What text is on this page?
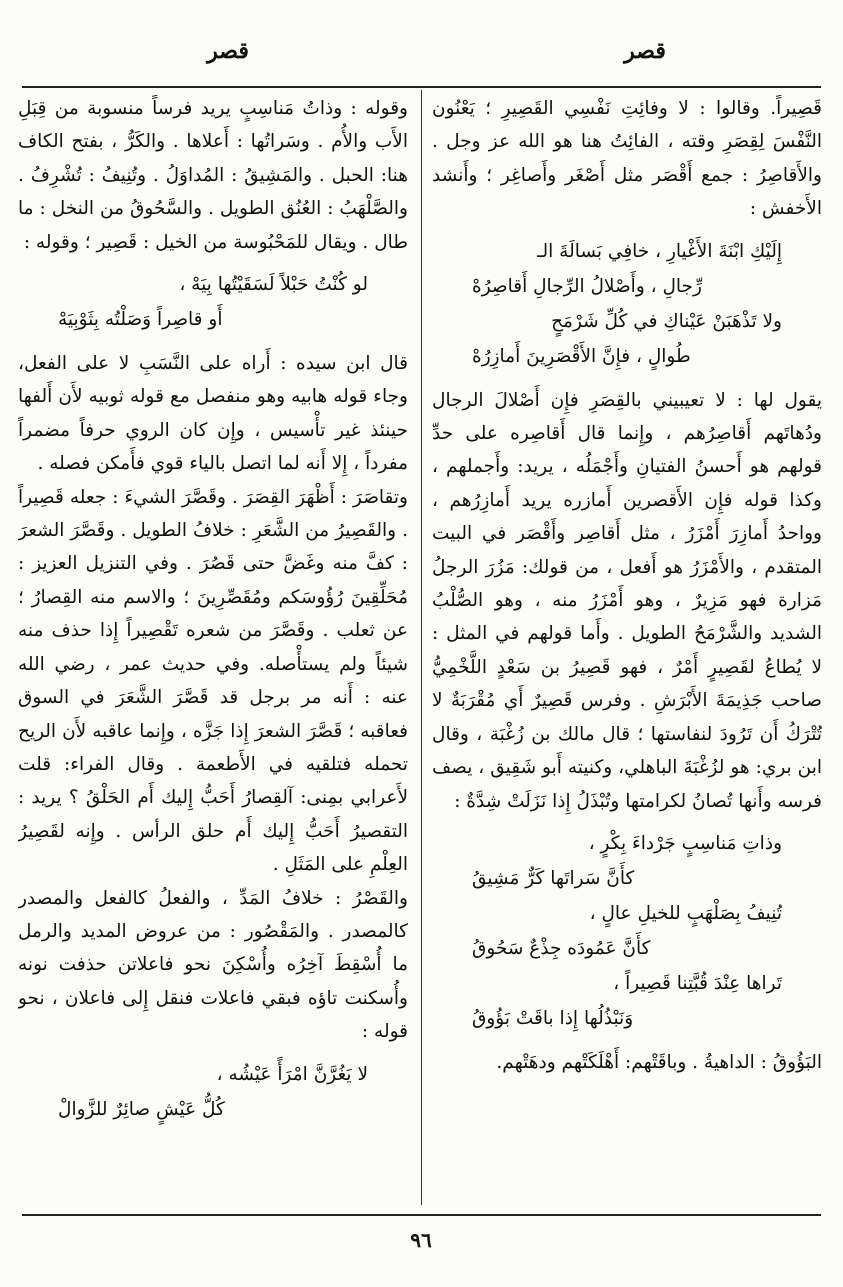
قصر
قصر

قَصِيراً. وقالوا : لا وفائِتِ نَفْسِي القَصِيرِ ؛ يَعْنُون النَّفْسَ لِقِصَرِ وقته ، الفائِتُ هنا هو الله عز وجل . والأَقاصِرُ : جمع أَقْصَر مثل أَصْغَر وأَصاغِر ؛ وأَنشد الأَخفش :

إِلَيْكِ ابْنَةَ الأَغْيارِ ، خافِي بَسالَةَ الـ
رِّجالِ ، وأَصْلالُ الرِّجالِ أَقاصِرُهْ
ولا تَذْهَبَنْ عَيْناكِ في كُلِّ شَرْمَحٍ
طُوالٍ ، فإِنَّ الأَقْصَرِينَ أَمازِرُهْ

يقول لها : لا تعيبيني بالقِصَرِ فإِن أَصْلالَ الرجال ودُهاتَهم أَقاصِرُهم ، وإِنما قال أَقاصِره على حدِّ قولهم هو أَحسنُ الفتيانِ وأَجْمَلُه ، يريد: وأَجملهم ، وكذا قوله فإِن الأَقصرين أَمازره يريد أَمازِرُهم ، وواحدُ أَمازِرَ أَمْزَرُ ، مثل أَقاصِر وأَقْصَر في البيت المتقدم ، والأَمْزَرُ هو أَفعل ، من قولك: مَزُرَ الرجلُ مَزارة فهو مَزِيرٌ ، وهو أَمْزَرُ منه ، وهو الصُّلْبُ الشديد والشَّرْمَحُ الطويل . وأَما قولهم في المثل : لا يُطاعُ لقَصِيرٍ أَمْرٌ ، فهو قَصِيرُ بن سَعْدٍ اللَّخْمِيُّ صاحب جَذِيمَةَ الأَبْرَشِ . وفرس قَصِيرٌ أَي مُقْرَبَةٌ لا تُتْرَكُ أَن تَرُودَ لنفاستها ؛ قال مالك بن زُغْبَة ، وقال ابن بري: هو لزُغْبَةَ الباهلي، وكنيته أَبو شَقِيق ، يصف فرسه وأَنها تُصانُ لكرامتها وتُبْذَلُ إِذا نَزَلَتْ شِدَّةٌ :

وذاتِ مَناسِبٍ جَرْداءَ بِكْرٍ ،
كأَنَّ سَراتَها كَرٌّ مَشِيقُ
تُنِيفُ بِصَلْهَبٍ للخيلِ عالٍ ،
كأَنَّ عَمُودَه جِذْعٌ سَحُوقُ
تَراها عِنْدَ قُبَّتِنا قَصِيراً ،
وَنَبْذُلُها إِذا باقَتْ بَؤُوقُ

البَؤُوقُ : الداهيةُ . وباقَتْهم: أَهْلَكَتْهم ودهَتْهم.

وقوله : وذاتُ مَناسِبٍ يريد فرساً منسوبة من قِبَلِ الأَب والأُم . وسَراتُها : أَعلاها . والكَرُّ ، بفتح الكاف هنا: الحبل . والمَشِيقُ : المُداوَلُ . وتُنِيفُ : تُشْرِفُ . والصَّلْهَبُ : العُنُق الطويل . والسَّحُوقُ من النخل : ما طال . ويقال للمَحْبُوسة من الخيل : قَصِير ؛ وقوله :

لو كُنْتُ حَبْلاً لَسَقَيْتُها بِيَهْ ،
أَو قاصِراً وَصَلْتُه بِثَوْبِيَهْ

قال ابن سيده : أَراه على النَّسَبِ لا على الفعل، وجاء قوله هابيه وهو منفصل مع قوله ثوبيه لأَن أَلفها حينئذ غير تأْسيس ، وإِن كان الروي حرفاً مضمراً مفرداً ، إِلا أَنه لما اتصل بالياء قوي فأَمكن فصله .

وتقاصَرَ : أَظْهَرَ القِصَرَ . وقَصَّرَ الشيءَ : جعله قَصِيراً . والقَصِيرُ من الشَّعَرِ : خلافُ الطويل . وقَصَّرَ الشعرَ : كفَّ منه وغَضَّ حتى قَصُرَ . وفي التنزيل العزيز : مُحَلِّقِينَ رُؤُوسَكم ومُقَصِّرِينَ ؛ والاسم منه القِصارُ ؛ عن ثعلب . وقَصَّرَ من شعره تَقْصِيراً إِذا حذف منه شيئاً ولم يستأْصله. وفي حديث عمر ، رضي الله عنه : أَنه مر برجل قد قَصَّرَ الشَّعَرَ في السوق فعاقبه ؛ قَصَّرَ الشعرَ إِذا جَزَّه ، وإِنما عاقبه لأَن الريح تحمله فتلقيه في الأَطعمة . وقال الفراء: قلت لأَعرابي بمِنى: آلقِصارُ أَحَبُّ إِليك أَم الحَلْقُ ؟ يريد : التقصيرُ أَحَبُّ إِليك أَم حلق الرأس . وإِنه لقَصِيرُ العِلْمِ على المَثَلِ .

والقَصْرُ : خلافُ المَدِّ ، والفعلُ كالفعل والمصدر كالمصدر . والمَقْصُور : من عروض المديد والرمل ما أُسْقِطَ آخِرُه وأُسْكِنَ نحو فاعلاتن حذفت نونه وأُسكنت تاؤه فبقي فاعلات فنقل إِلى فاعلان ، نحو قوله :

لا يَغُرَّنَّ امْرَأً عَيْشُه ،
كُلُّ عَيْشٍ صائِرٌ للزَّوالْ
٩٦
